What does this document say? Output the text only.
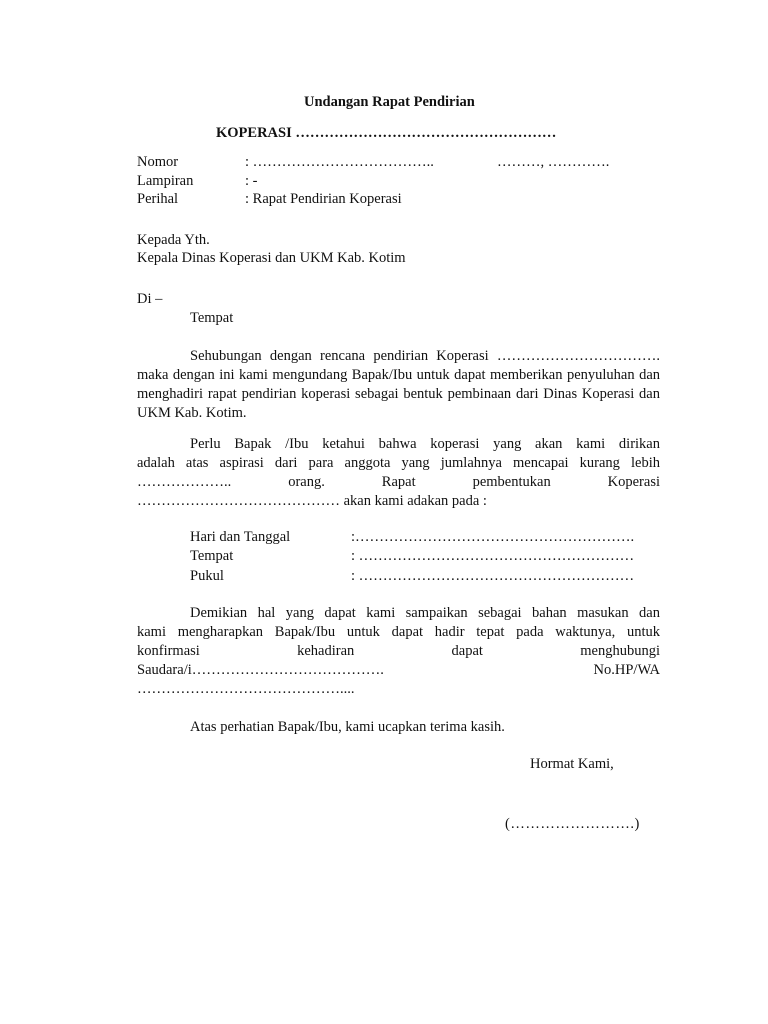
Undangan Rapat Pendirian
KOPERASI ………………………………………………
Nomor	: ………………………………..	………, ………….
Lampiran	: -
Perihal	: Rapat Pendirian Koperasi
Kepada Yth.
Kepala Dinas Koperasi dan UKM Kab. Kotim
Di –
Tempat

Sehubungan dengan rencana pendirian Koperasi ……………………………. maka dengan ini kami mengundang Bapak/Ibu untuk dapat memberikan penyuluhan dan menghadiri rapat pendirian koperasi sebagai bentuk pembinaan dari Dinas Koperasi dan UKM Kab. Kotim.

Perlu Bapak /Ibu ketahui bahwa koperasi yang akan kami dirikan

adalah atas aspirasi dari para anggota yang jumlahnya mencapai kurang lebih

……………….. orang. Rapat pembentukan Koperasi

…………………………………… akan kami adakan pada :

Hari dan Tanggal	:………………………………………………….
Tempat	: …………………………………………………
Pukul	: …………………………………………………

Demikian hal yang dapat kami sampaikan sebagai bahan masukan dan

kami mengharapkan Bapak/Ibu untuk dapat hadir tepat pada waktunya, untuk

konfirmasi kehadiran dapat menghubungi

Saudara/i………………………………….	No.HP/WA

……………………………………....

Atas perhatian Bapak/Ibu, kami ucapkan terima kasih.
Hormat Kami,
(…………………….)
